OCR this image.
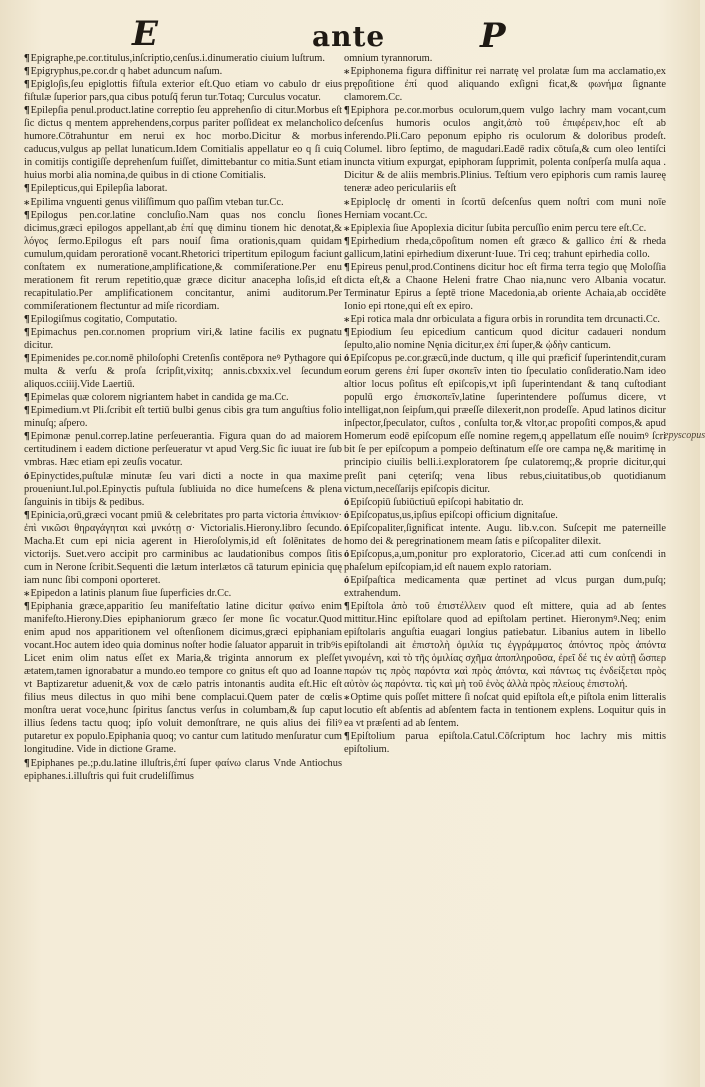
E	ante	P
¶Epigraphe,pe.cor.titulus,inſcriptio,cenſus.i.dinumeratio ciuium luſtrum.
¶Epigryphus,pe.cor.dr q habet aduncum naſum.
¶Epiglo∫is,ſeu epiglottis fiſtula exterior eſt.Quo etiam vo cabulo dr eius fiſtulæ ſuperior pars,qua cibus potuſq̃ ferun tur.Totaq; Curculus vocatur.
¶Epilepſia penul.product.latine correptio ſeu apprehenſio di citur.Morbus eſt ſic dictus q mentem apprehendens,corpus pariter poſſideat ex melancholico humore.Cōtrahuntur em nerui ex hoc morbo.Dicitur & morbus caducus,vulgus ap pellat lunaticum.Idem Comitialis appellatur eo q ſi cuiq in comitijs contigiſſe deprehenſum fuiſſet, dimittebantur co mitia.Sunt etiam huius morbi alia nomina,de quibus in di ctione Comitialis.
¶Epilepticus,qui Epilepſia laborat.
⁎Epilima vnguenti genus viliſſimum quo paſſim vteban tur.Cc.
¶Epilogus pen.cor.latine concluſio.Nam quas nos conclu ſiones dicimus,græci epilogos appellant,ab ἐπί quę diminu tionem hic denotat,& λόγος ſermo.Epilogus eſt pars nouiſ ſima orationis,quam quidam cumulum,quidam perorationē vocant.Rhetorici tripertitum epilogum faciunt conſtatem ex numeratione,amplificatione,& commiſeratione.Per enu merationem fit rerum repetitio,quæ græce dicitur anacepha loſis,id eſt recapitulatio.Per amplificationem concitantur, animi auditorum.Per commiſerationem flectuntur ad miſe ricordiam.
¶Epilogiſmus cogitatio, Computatio.
¶Epimachus pen.cor.nomen proprium viri,& latine facilis ex pugnatu dicitur.
¶Epimenides pe.cor.nomē philoſophi Cretenſis contēpora neꝰ Pythagore qui multa & verſu & proſa ſcripſit,vixitq; annis.cbxxix.vel ſecundum aliquos.cciiij.Vide Laertiū.
¶Epimelas quæ colorem nigriantem habet in candida ge ma.Cc.
¶Epimedium.vt Pli.ſcribit eſt tertiū bulbi genus cibis gra tum anguſtius folio minuſq; aſpero.
¶Epimonæ penul.correp.latine perſeuerantia. Figura quan do ad maiorem certitudinem i eadem dictione perſeueratur vt apud Verg.Sic ſic iuuat ire ſub vmbras. Hæc etiam epi zeuſis vocatur.
ỏEpinyctides,puſtulæ minutæ ſeu vari dicti a nocte in qua maxime proueniunt.Iul.pol.Epinyctis puſtula ſubliuida no dice humeſcens & plena ſanguinis in tibijs & pedibus.
¶Epinicia,orū,græci vocant pmiū & celebritates pro parta victoria ἐπινίκιον· ἐπὶ νικῶσι θηραγάγηται καὶ μνκότῃ σ· Victorialis.Hierony.libro ſecundo. Macha.Et cum epi nicia agerent in Hieroſolymis,id eſt ſolēnitates de victorijs. Suet.vero accipit pro carminibus ac laudationibus compos ſitis cum in Nerone ſcribit.Sequenti die lætum interlætos cā taturum epinicia quę iam nunc ſibi componi oporteret.
⁎Epipedon a latinis planum ſiue ſuperficies dr.Cc.
¶Epiphania græce,apparitio ſeu manifeſtatio latine dicitur φαίνω enim manifeſto.Hierony.Dies epiphaniorum græco ſer mone ſic vocatur.Quod enim apud nos apparitionem vel oſtenſionem dicimus,græci epiphaniam vocant.Hoc autem ideo quia dominus noſter hodie ſaluator apparuit in tribꝰis Licet enim olim natus eſſet ex Maria,& triginta annorum ex pleſſet ætatem,tamen ignorabatur a mundo.eo tempore co gnitus eſt quo ad Ioanne vt Baptizaretur aduenit,& vox de cælo patris intonantis audita eſt.Hic eſt filius meus dilectus in quo mihi bene complacui.Quem pater de cœlis monſtra uerat voce,hunc ſpiritus ſanctus verſus in columbam,& ſup caput illius ſedens tactu quoq; ipſo voluit demonſtrare, ne quis alius dei filiꝰ putaretur ex populo.Epiphania quoq; vo cantur cum latitudo menſuratur cum longitudine. Vide in dictione Grame.
¶Epiphanes pe.;p.du.latine illuſtris,ἐπί ſuper φαίνω clarus Vnde Antiochus epiphanes.i.illuſtris qui fuit crudeliſſimus
omnium tyrannorum.
⁎Epiphonema figura diffinitur rei narratę vel prolatæ ſum ma acclamatio,ex prępoſitione ἐπί quod aliquando exſigni ficat,& φωνήμα ſignante clamorem.Cc.
¶Epiphora pe.cor.morbus oculorum,quem vulgo lachry mam vocant,cum deſcenſus humoris oculos angit,ἀπὸ τοῦ ἐπιφέρειν,hoc eſt ab inferendo.Pli.Caro peponum epipho ris oculorum & doloribus prodeſt. Columel. libro ſeptimo, de magudari.Eadē radix cōtuſa,& cum oleo lentiſci inuncta vitium expurgat, epiphoram ſupprimit, polenta conſperſa mulſa aqua . Dicitur & de aliis membris.Plinius. Teſtium vero epiphoris cum ramis laureę teneræ adeo periculariis eſt
⁎Epiploclę dr omenti in ſcortū deſcenſus quem noſtri com muni noīe Herniam vocant.Cc.
⁎Epiplexia ſiue Apoplexia dicitur ſubita percuſſio enim percu tere eſt.Cc.
¶Epirhedium rheda,cōpoſitum nomen eſt græco & gallico ἐπί & rheda gallicum,latini epirhedium dixerunt·Iuue. Tri ceq; trahunt epirhedia collo.
¶Epireus penul,prod.Continens dicitur hoc eſt firma terra tegio quę Moloſſia dicta eſt,& a Chaone Heleni fratre Chao nia,nunc vero Albania vocatur. Terminatur Epirus a ſeptē trione Macedonia,ab oriente Achaia,ab occidēte Ionio epi rtone,qui eſt ex epiro.
⁎Epi rotica mala dnr orbiculata a figura orbis in rorundita tem drcunacti.Cc.
¶Epiodium ſeu epicedium canticum quod dicitur cadaueri nondum ſepulto,alio nomine Nęnia dicitur,ex ἐπί ſuper,& ᾠδὴν canticum.
ỏEpiſcopus pe.cor.græcū,inde ductum, q ille qui præficif ſuperintendit,curam eorum gerens ἐπί ſuper σκοπεῖν inten tio ſpeculatio conſideratio.Nam ideo altior locus poſitus eſt epiſcopis,vt ipſi ſuperintendant & tanq cuſtodiant populū ergo ἐπισκοπεῖν,latine ſuperintendere poſſumus dicere, vt intelligat,non ſeipſum,qui præeſſe dilexerit,non prodeſſe. Apud latinos dicitur inſpector,ſpeculator, cuſtos , conſulta tor,& vltor,ac propoſiti compos,& apud Homerum eodē epiſcopum eſſe nomine regem,q appellatum eſſe nouimꝰ ſcri bit ſe per epiſcopum a pompeio deſtinatum eſſe ore campa nę,& maritimę in principio ciuilis belli.i.exploratorem ſpe culatoremq;,& proprie dicitur,qui preſit pani cęteriſq; vena libus rebus,ciuitatibus,ob quotidianum victum,neceſſarijs epiſcopis dicitur.
ỏEpiſcopiū ſubiūctiuū epiſcopi habitatio dr.
ỏEpiſcopatus,us,ipſius epiſcopi officium dignitaſue.
ỏEpiſcopaliter,ſignificat intente. Augu. lib.v.con. Suſcepit me paterneille homo dei & peregrinationem meam ſatis e piſcopaliter dilexit.
ỏEpiſcopus,a,um,ponitur pro exploratorio, Cicer.ad atti cum conſcendi in phaſelum epiſcopiam,id eſt nauem explo ratoriam.
ỏEpiſpaſtica medicamenta quæ pertinet ad vlcus purgan dum,puſq; extrahendum.
¶Epiſtola ἀπὸ τοῦ ἐπιστέλλειν quod eſt mittere, quia ad ab ſentes mittitur.Hinc epiſtolare quod ad epiſtolam pertinet. Hieronymꝰ.Neq; enim epiſtolaris anguſtia euagari longius patiebatur. Libanius autem in libello epiſtolandi ait ἐπιστολὴ ὁμιλία τις ἐγγράμματος ἀπόντος πρὸς ἀπόντα γινομένη, καὶ τὸ τῆς ὁμιλίας σχῆμα ἀποπληροῦσα, ἐρεῖ δέ τις ἐν αὐτῇ ὥσπερ παρών τις πρὸς παρόντα ϰαὶ πρὸς ἀπόντα, καὶ πάντως τις ἐνδείξεται πρὸς αὐτὸν ὡς παρόντα. τὶς καὶ μὴ τοῦ ἑνὸς ἀλλὰ πρὸς πλείους ἐπιστολή.
⁎Optime quis poſſet mittere ſi noſcat quid epiſtola eſt,e piſtola enim litteralis locutio eſt abſentis ad abſentem facta in tentionem explens. Loquitur quis in ea vt præſenti ad ab ſentem.
¶Epiſtolium parua epiſtola.Catul.Cōſcriptum hoc lachry mis mittis epiſtolium.
epyscopus
